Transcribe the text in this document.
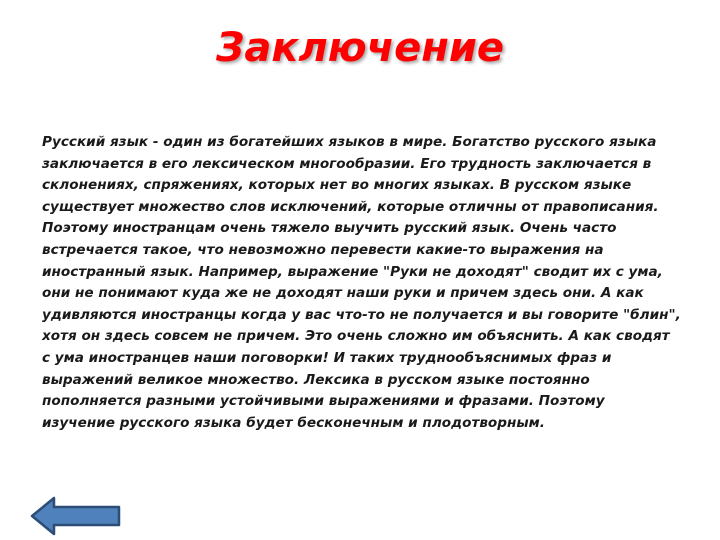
Заключение

Русский язык - один из богатейших языков в мире. Богатство русского языка заключается в его лексическом многообразии. Его трудность заключается в склонениях, спряжениях, которых нет во многих языках. В русском языке существует множество слов исключений, которые отличны от правописания. Поэтому иностранцам очень тяжело выучить русский язык. Очень часто встречается такое, что невозможно перевести какие-то выражения на иностранный язык. Например, выражение "Руки не доходят" сводит их с ума, они не понимают куда же не доходят наши руки и причем здесь они. А как удивляются иностранцы когда у вас что-то не получается и вы говорите "блин", хотя он здесь совсем не причем. Это очень сложно им объяснить. А как сводят с ума иностранцев наши поговорки! И таких труднообъяснимых фраз и выражений великое множество. Лексика в русском языке постоянно пополняется разными устойчивыми выражениями и фразами. Поэтому изучение русского языка будет бесконечным и плодотворным.
